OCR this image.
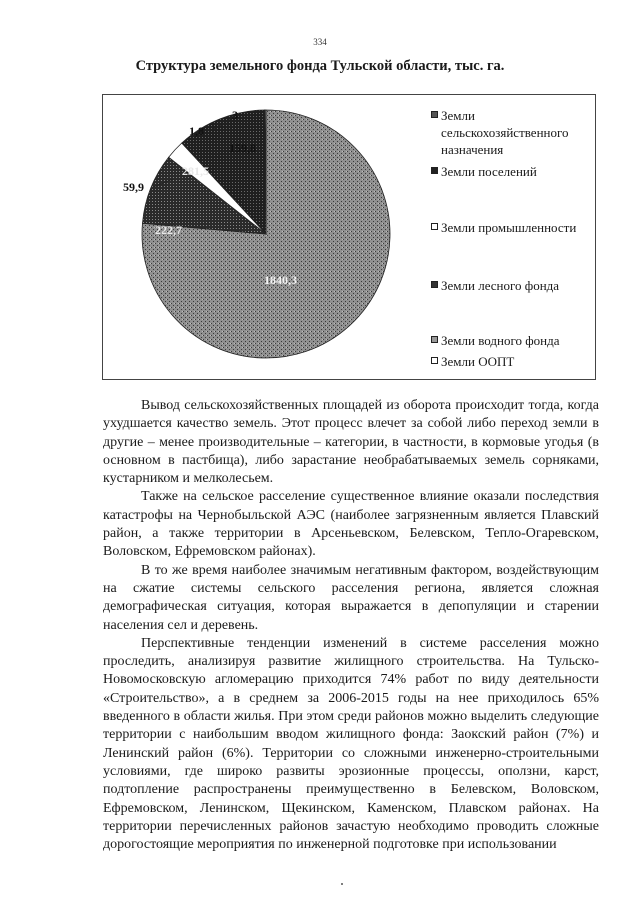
334
Структура земельного фонда Тульской области, тыс. га.
1840,3
222,7
59,9
281,5
1,8
3
159,8
Земли сельскохозяйственного назначения
Земли поселений
Земли промышленности
Земли лесного фонда
Земли водного фонда
Земли ООПТ

Вывод сельскохозяйственных площадей из оборота происходит тогда, когда ухудшается качество земель. Этот процесс влечет за собой либо переход земли в другие – менее производительные – категории, в частности, в кормовые угодья (в основном в пастбища), либо зарастание необрабатываемых земель сорняками, кустарником и мелколесьем.

Также на сельское расселение существенное влияние оказали последствия катастрофы на Чернобыльской АЭС (наиболее загрязненным является Плавский район, а также территории в Арсеньевском, Белевском, Тепло-Огаревском, Воловском, Ефремовском районах).

В то же время наиболее значимым негативным фактором, воздействующим на сжатие системы сельского расселения региона, является сложная демографическая ситуация, которая выражается в депопуляции и старении населения сел и деревень.

Перспективные тенденции изменений в системе расселения можно проследить, анализируя развитие жилищного строительства. На Тульско-Новомосковскую агломерацию приходится 74% работ по виду деятельности «Строительство», а в среднем за 2006-2015 годы на нее приходилось 65% введенного в области жилья. При этом среди районов можно выделить следующие территории с наибольшим вводом жилищного фонда: Заокский район (7%) и Ленинский район (6%). Территории со сложными инженерно-строительными условиями, где широко развиты эрозионные процессы, оползни, карст, подтопление распространены преимущественно в Белевском, Воловском, Ефремовском, Ленинском, Щекинском, Каменском, Плавском районах. На территории перечисленных районов зачастую необходимо проводить сложные дорогостоящие мероприятия по инженерной подготовке при использовании
